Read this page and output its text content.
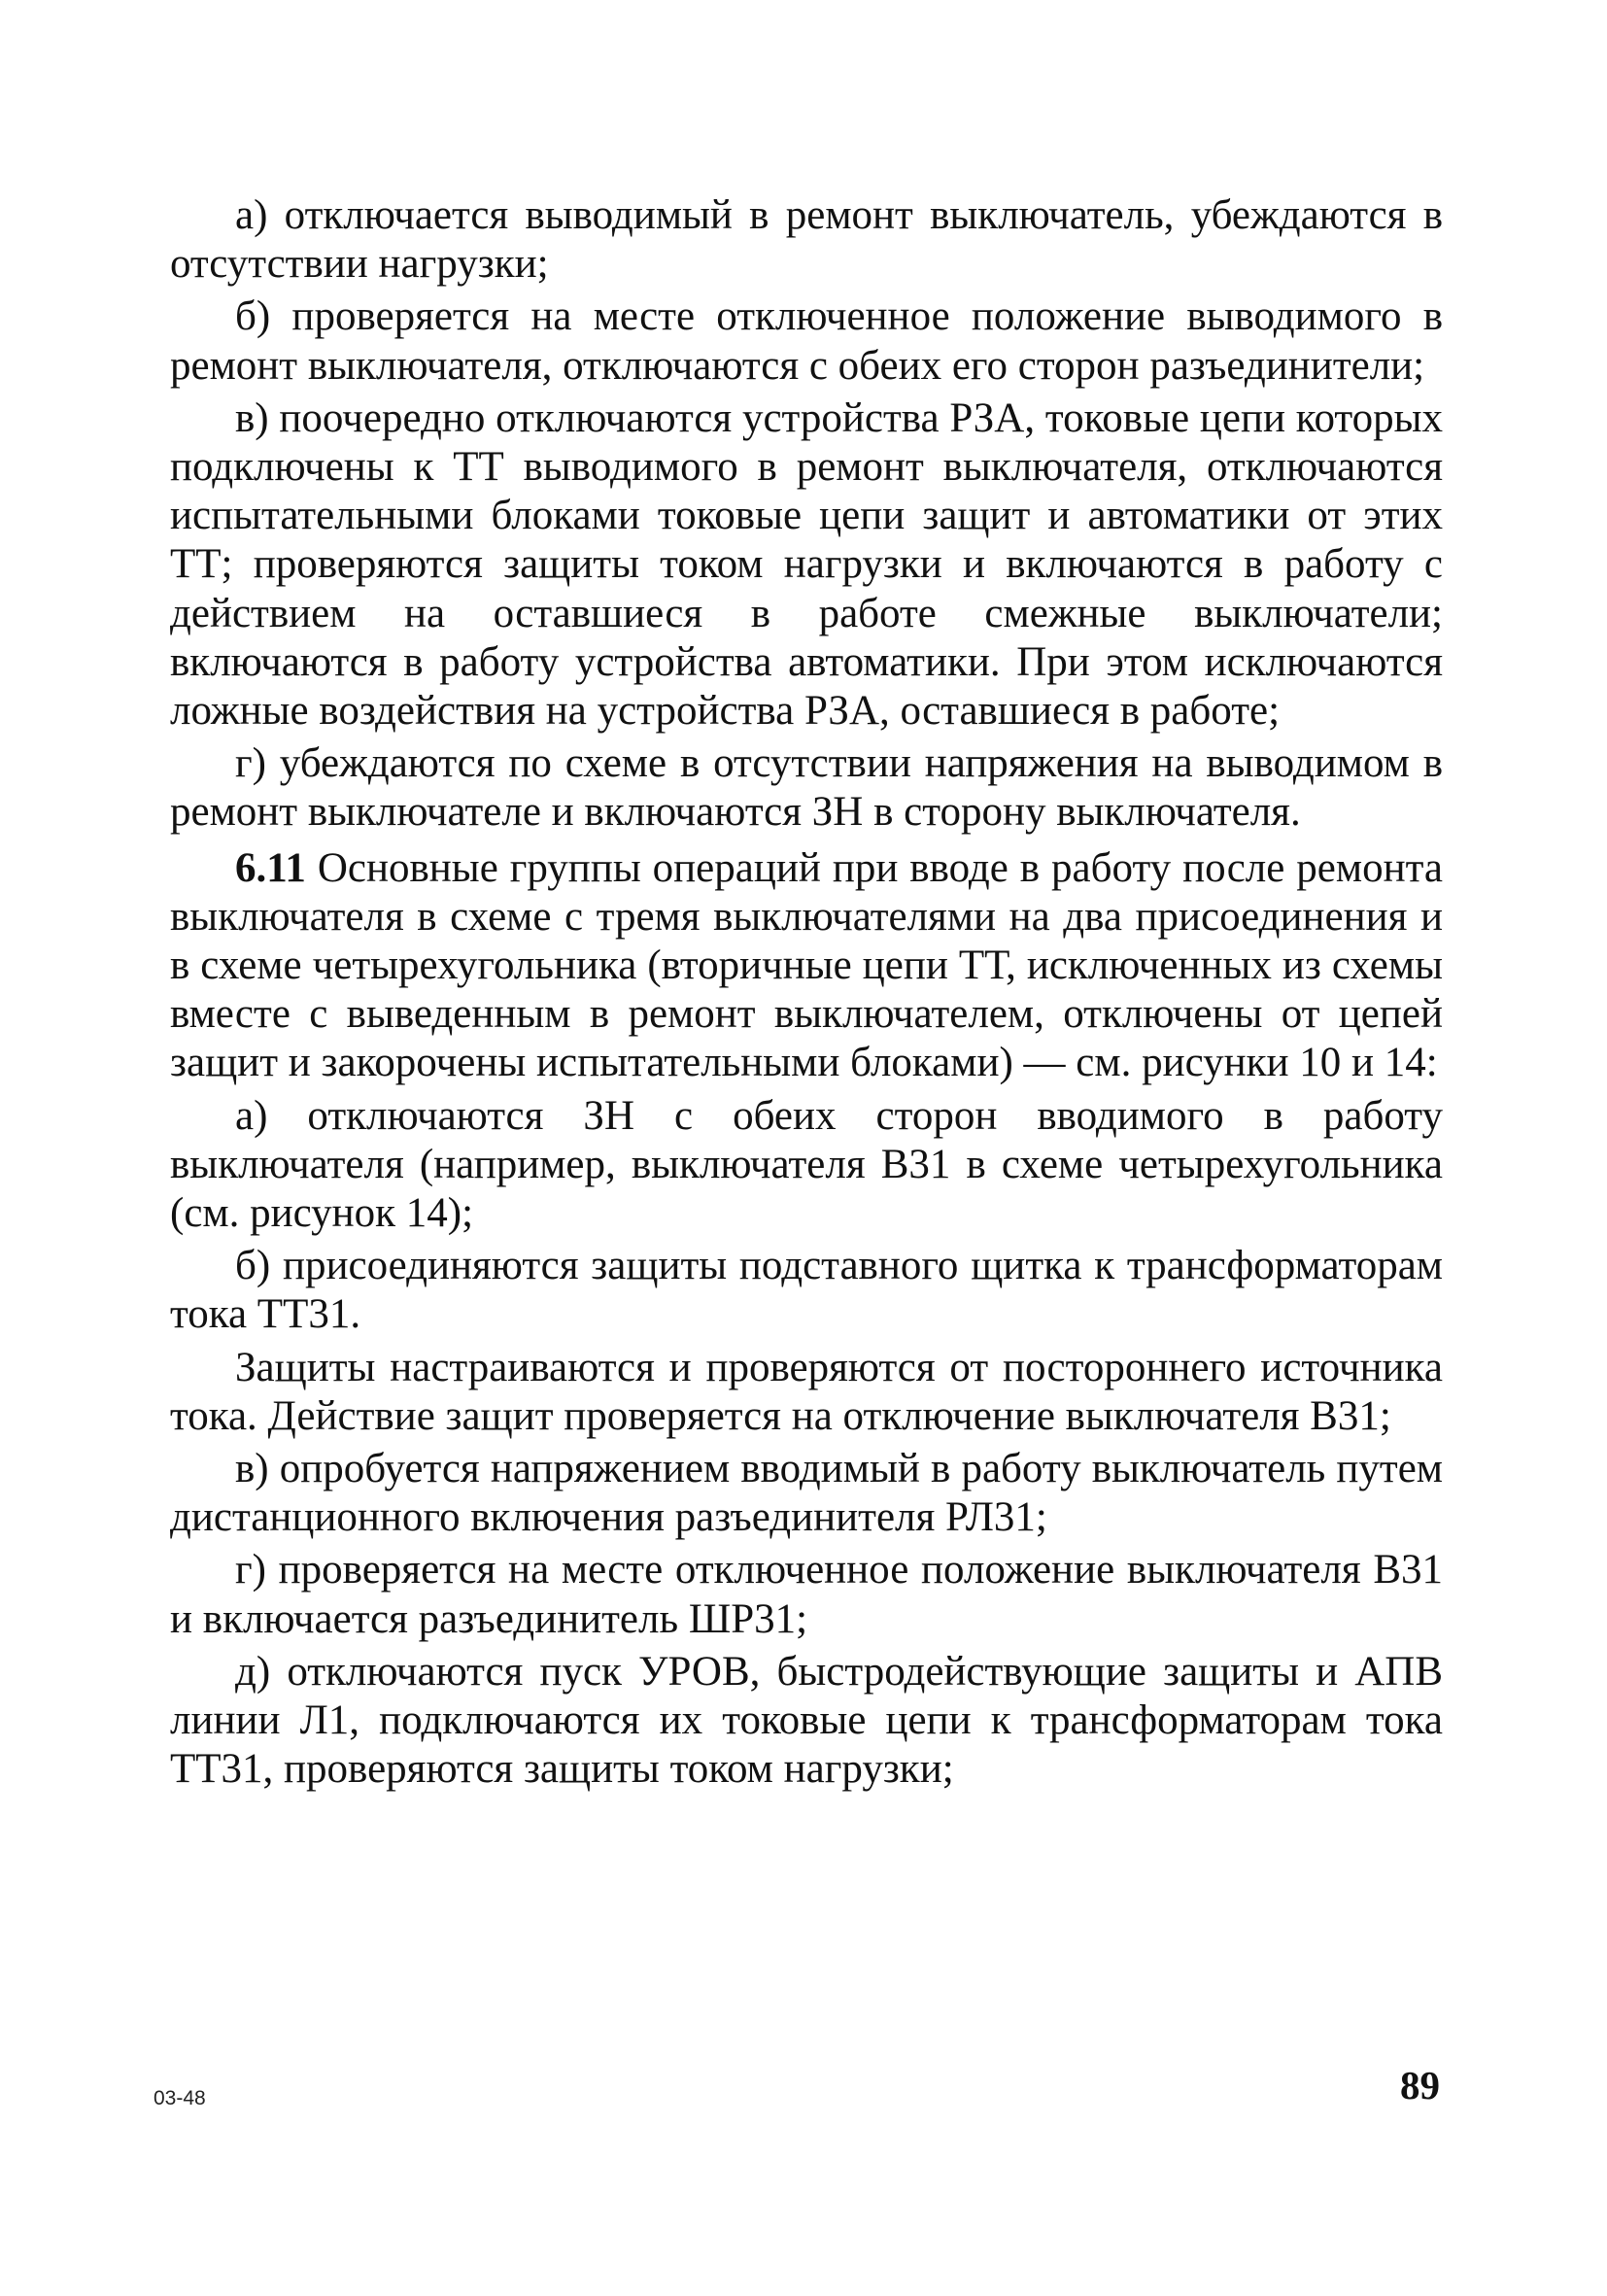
а) отключается выводимый в ремонт выключатель, убеждаются в отсутствии нагрузки;

б) проверяется на месте отключенное положение выводимого в ремонт выключателя, отключаются с обеих его сторон разъединители;

в) поочередно отключаются устройства РЗА, токовые цепи которых подключены к ТТ выводимого в ремонт выключателя, отключаются испытательными блоками токовые цепи защит и автоматики от этих ТТ; проверяются защиты током нагрузки и включаются в работу с действием на оставшиеся в работе смежные выключатели; включаются в работу устройства автоматики. При этом исключаются ложные воздействия на устройства РЗА, оставшиеся в работе;

г) убеждаются по схеме в отсутствии напряжения на выводимом в ремонт выключателе и включаются ЗН в сторону выключателя.

6.11 Основные группы операций при вводе в работу после ремонта выключателя в схеме с тремя выключателями на два присоединения и в схеме четырехугольника (вторичные цепи ТТ, исключенных из схемы вместе с выведенным в ремонт выключателем, отключены от цепей защит и закорочены испытательными блоками) — см. рисунки 10 и 14:

а) отключаются ЗН с обеих сторон вводимого в работу выключателя (например, выключателя В31 в схеме четырехугольника (см. рисунок 14);

б) присоединяются защиты подставного щитка к трансформаторам тока ТТ31.

Защиты настраиваются и проверяются от постороннего источника тока. Действие защит проверяется на отключение выключателя В31;

в) опробуется напряжением вводимый в работу выключатель путем дистанционного включения разъединителя РЛ31;

г) проверяется на месте отключенное положение выключателя В31 и включается разъединитель ШР31;

д) отключаются пуск УРОВ, быстродействующие защиты и АПВ линии Л1, подключаются их токовые цепи к трансформаторам тока ТТ31, проверяются защиты током нагрузки;

03-48	89
